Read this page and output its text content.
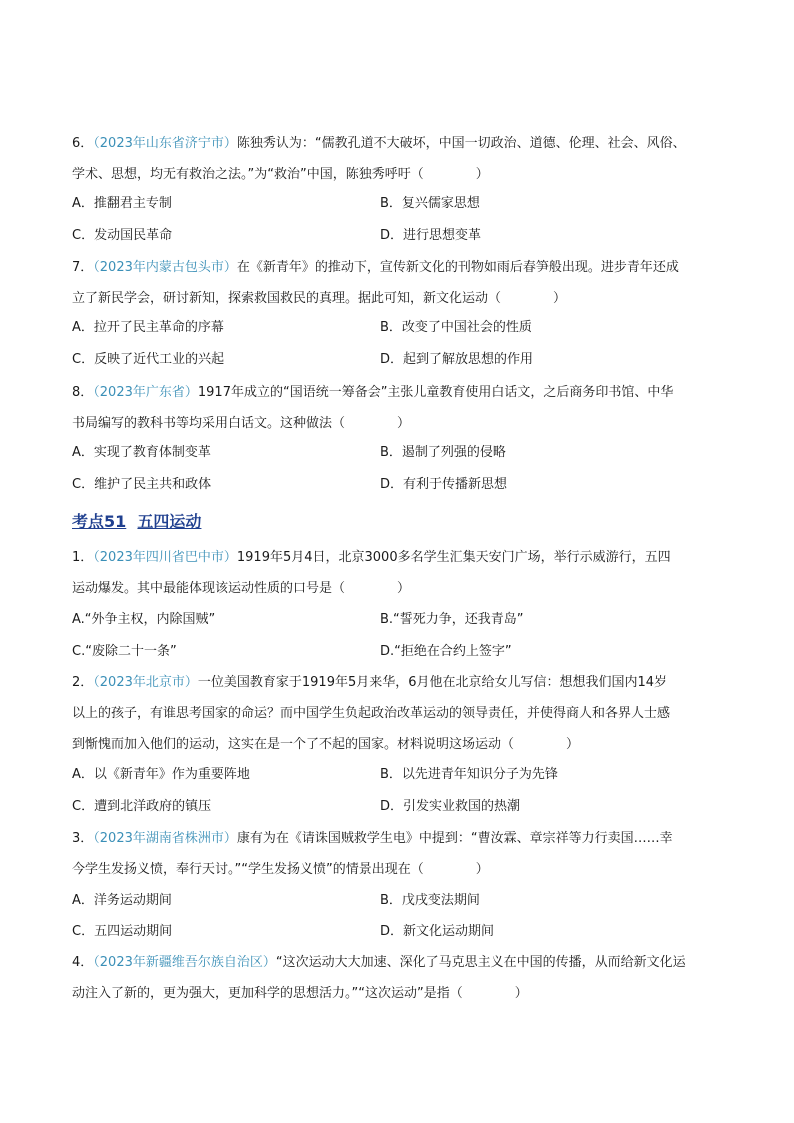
6．（2023年山东省济宁市）陈独秀认为：“儒教孔道不大破坏，中国一切政治、道德、伦理、社会、风俗、
学术、思想，均无有救治之法。”为“救治”中国，陈独秀呼吁（　　　　）
A．推翻君主专制	B．复兴儒家思想
C．发动国民革命	D．进行思想变革
7．（2023年内蒙古包头市）在《新青年》的推动下，宣传新文化的刊物如雨后春笋般出现。进步青年还成
立了新民学会，研讨新知，探索救国救民的真理。据此可知，新文化运动（　　　　）
A．拉开了民主革命的序幕	B．改变了中国社会的性质
C．反映了近代工业的兴起	D．起到了解放思想的作用
8．（2023年广东省）1917年成立的“国语统一筹备会”主张儿童教育使用白话文，之后商务印书馆、中华
书局编写的教科书等均采用白话文。这种做法（　　　　）
A．实现了教育体制变革	B．遏制了列强的侵略
C．维护了民主共和政体	D．有利于传播新思想
考点51 五四运动
1．（2023年四川省巴中市）1919年5月4日，北京3000多名学生汇集天安门广场，举行示威游行，五四
运动爆发。其中最能体现该运动性质的口号是（　　　　）
A.“外争主权，内除国贼”	B.“誓死力争，还我青岛”
C.“废除二十一条”	D.“拒绝在合约上签字”
2．（2023年北京市）一位美国教育家于1919年5月来华，6月他在北京给女儿写信：想想我们国内14岁
以上的孩子，有谁思考国家的命运？而中国学生负起政治改革运动的领导责任，并使得商人和各界人士感
到惭愧而加入他们的运动，这实在是一个了不起的国家。材料说明这场运动（　　　　）
A．以《新青年》作为重要阵地	B．以先进青年知识分子为先锋
C．遭到北洋政府的镇压	D．引发实业救国的热潮
3．（2023年湖南省株洲市）康有为在《请诛国贼救学生电》中提到：“曹汝霖、章宗祥等力行卖国……幸
今学生发扬义愤，奉行天讨。”“学生发扬义愤”的情景出现在（　　　　）
A．洋务运动期间	B．戊戌变法期间
C．五四运动期间	D．新文化运动期间
4．（2023年新疆维吾尔族自治区）“这次运动大大加速、深化了马克思主义在中国的传播，从而给新文化运
动注入了新的，更为强大，更加科学的思想活力。”“这次运动”是指（　　　　）
